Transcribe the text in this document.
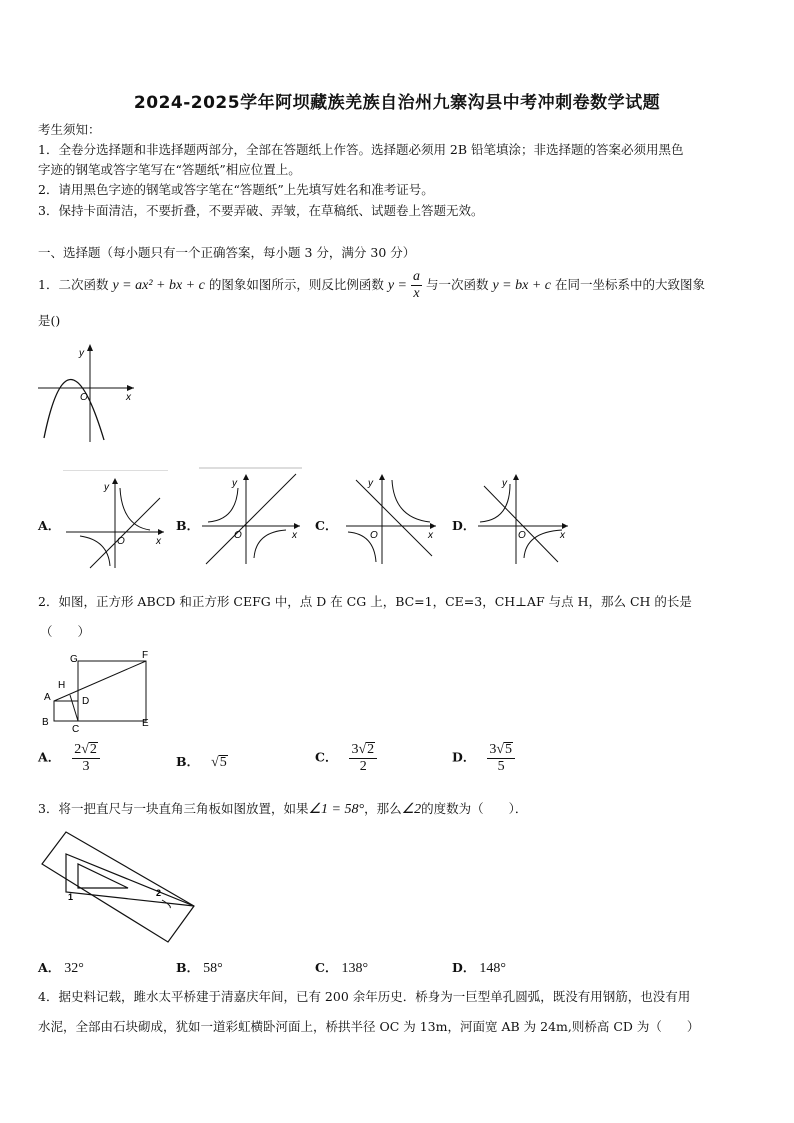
2024-2025学年阿坝藏族羌族自治州九寨沟县中考冲刺卷数学试题
考生须知：
1．全卷分选择题和非选择题两部分，全部在答题纸上作答。选择题必须用 2B 铅笔填涂；非选择题的答案必须用黑色
字迹的钢笔或答字笔写在“答题纸”相应位置上。
2．请用黑色字迹的钢笔或答字笔在“答题纸”上先填写姓名和准考证号。
3．保持卡面清洁，不要折叠，不要弄破、弄皱，在草稿纸、试题卷上答题无效。
一、选择题（每小题只有一个正确答案，每小题 3 分，满分 30 分）
1．二次函数 y = ax² + bx + c 的图象如图所示，则反比例函数 $y = \frac{a}{x}$ 与一次函数 y = bx + c 在同一坐标系中的大致图象
是()
y
x
O
A．
y
x
O
B．
y
x
O
C．
y
x
O
D．
y
x
O
2．如图，正方形 ABCD 和正方形 CEFG 中，点 D 在 CG 上，BC=1，CE=3，CH⊥AF 与点 H，那么 CH 的长是
（　　）
G	F
H
A	D
B
C
E
A． $\frac{2√2}{3}$	B． √5	C． $\frac{3√2}{2}$	D． $\frac{3√5}{5}$
3．将一把直尺与一块直角三角板如图放置，如果∠1 = 58°，那么∠2的度数为（　　）．
1	2
A． 32°	B． 58°	C． 138°	D． 148°
4．据史料记载，雎水太平桥建于清嘉庆年间，已有 200 余年历史．桥身为一巨型单孔圆弧，既没有用钢筋，也没有用
水泥，全部由石块砌成，犹如一道彩虹横卧河面上，桥拱半径 OC 为 13m，河面宽 AB 为 24m,则桥高 CD 为（　　）
